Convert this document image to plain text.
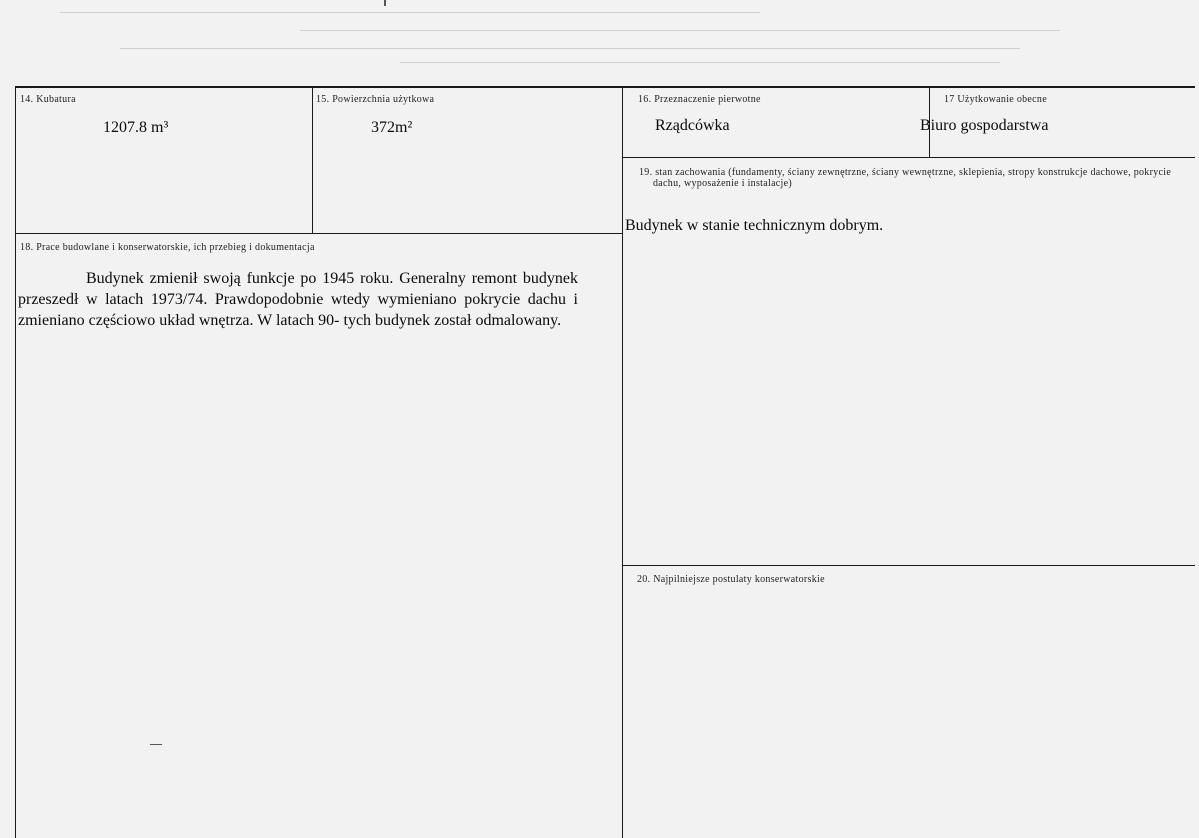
14. Kubatura
1207.8 m³
15. Powierzchnia użytkowa
372m²
16. Przeznaczenie pierwotne
Rządcówka
17 Użytkowanie obecne
Biuro gospodarstwa
19. stan zachowania (fundamenty, ściany zewnętrzne, ściany wewnętrzne, sklepienia, stropy konstrukcje dachowe, pokrycie dachu, wyposażenie i instalacje)
Budynek w stanie technicznym dobrym.
18. Prace budowlane i konserwatorskie, ich przebieg i dokumentacja
Budynek zmienił swoją funkcje po 1945 roku. Generalny remont budynek przeszedł w latach 1973/74. Prawdopodobnie wtedy wymieniano pokrycie dachu i zmieniano częściowo układ wnętrza. W latach 90- tych budynek został odmalowany.
20. Najpilniejsze postulaty konserwatorskie
